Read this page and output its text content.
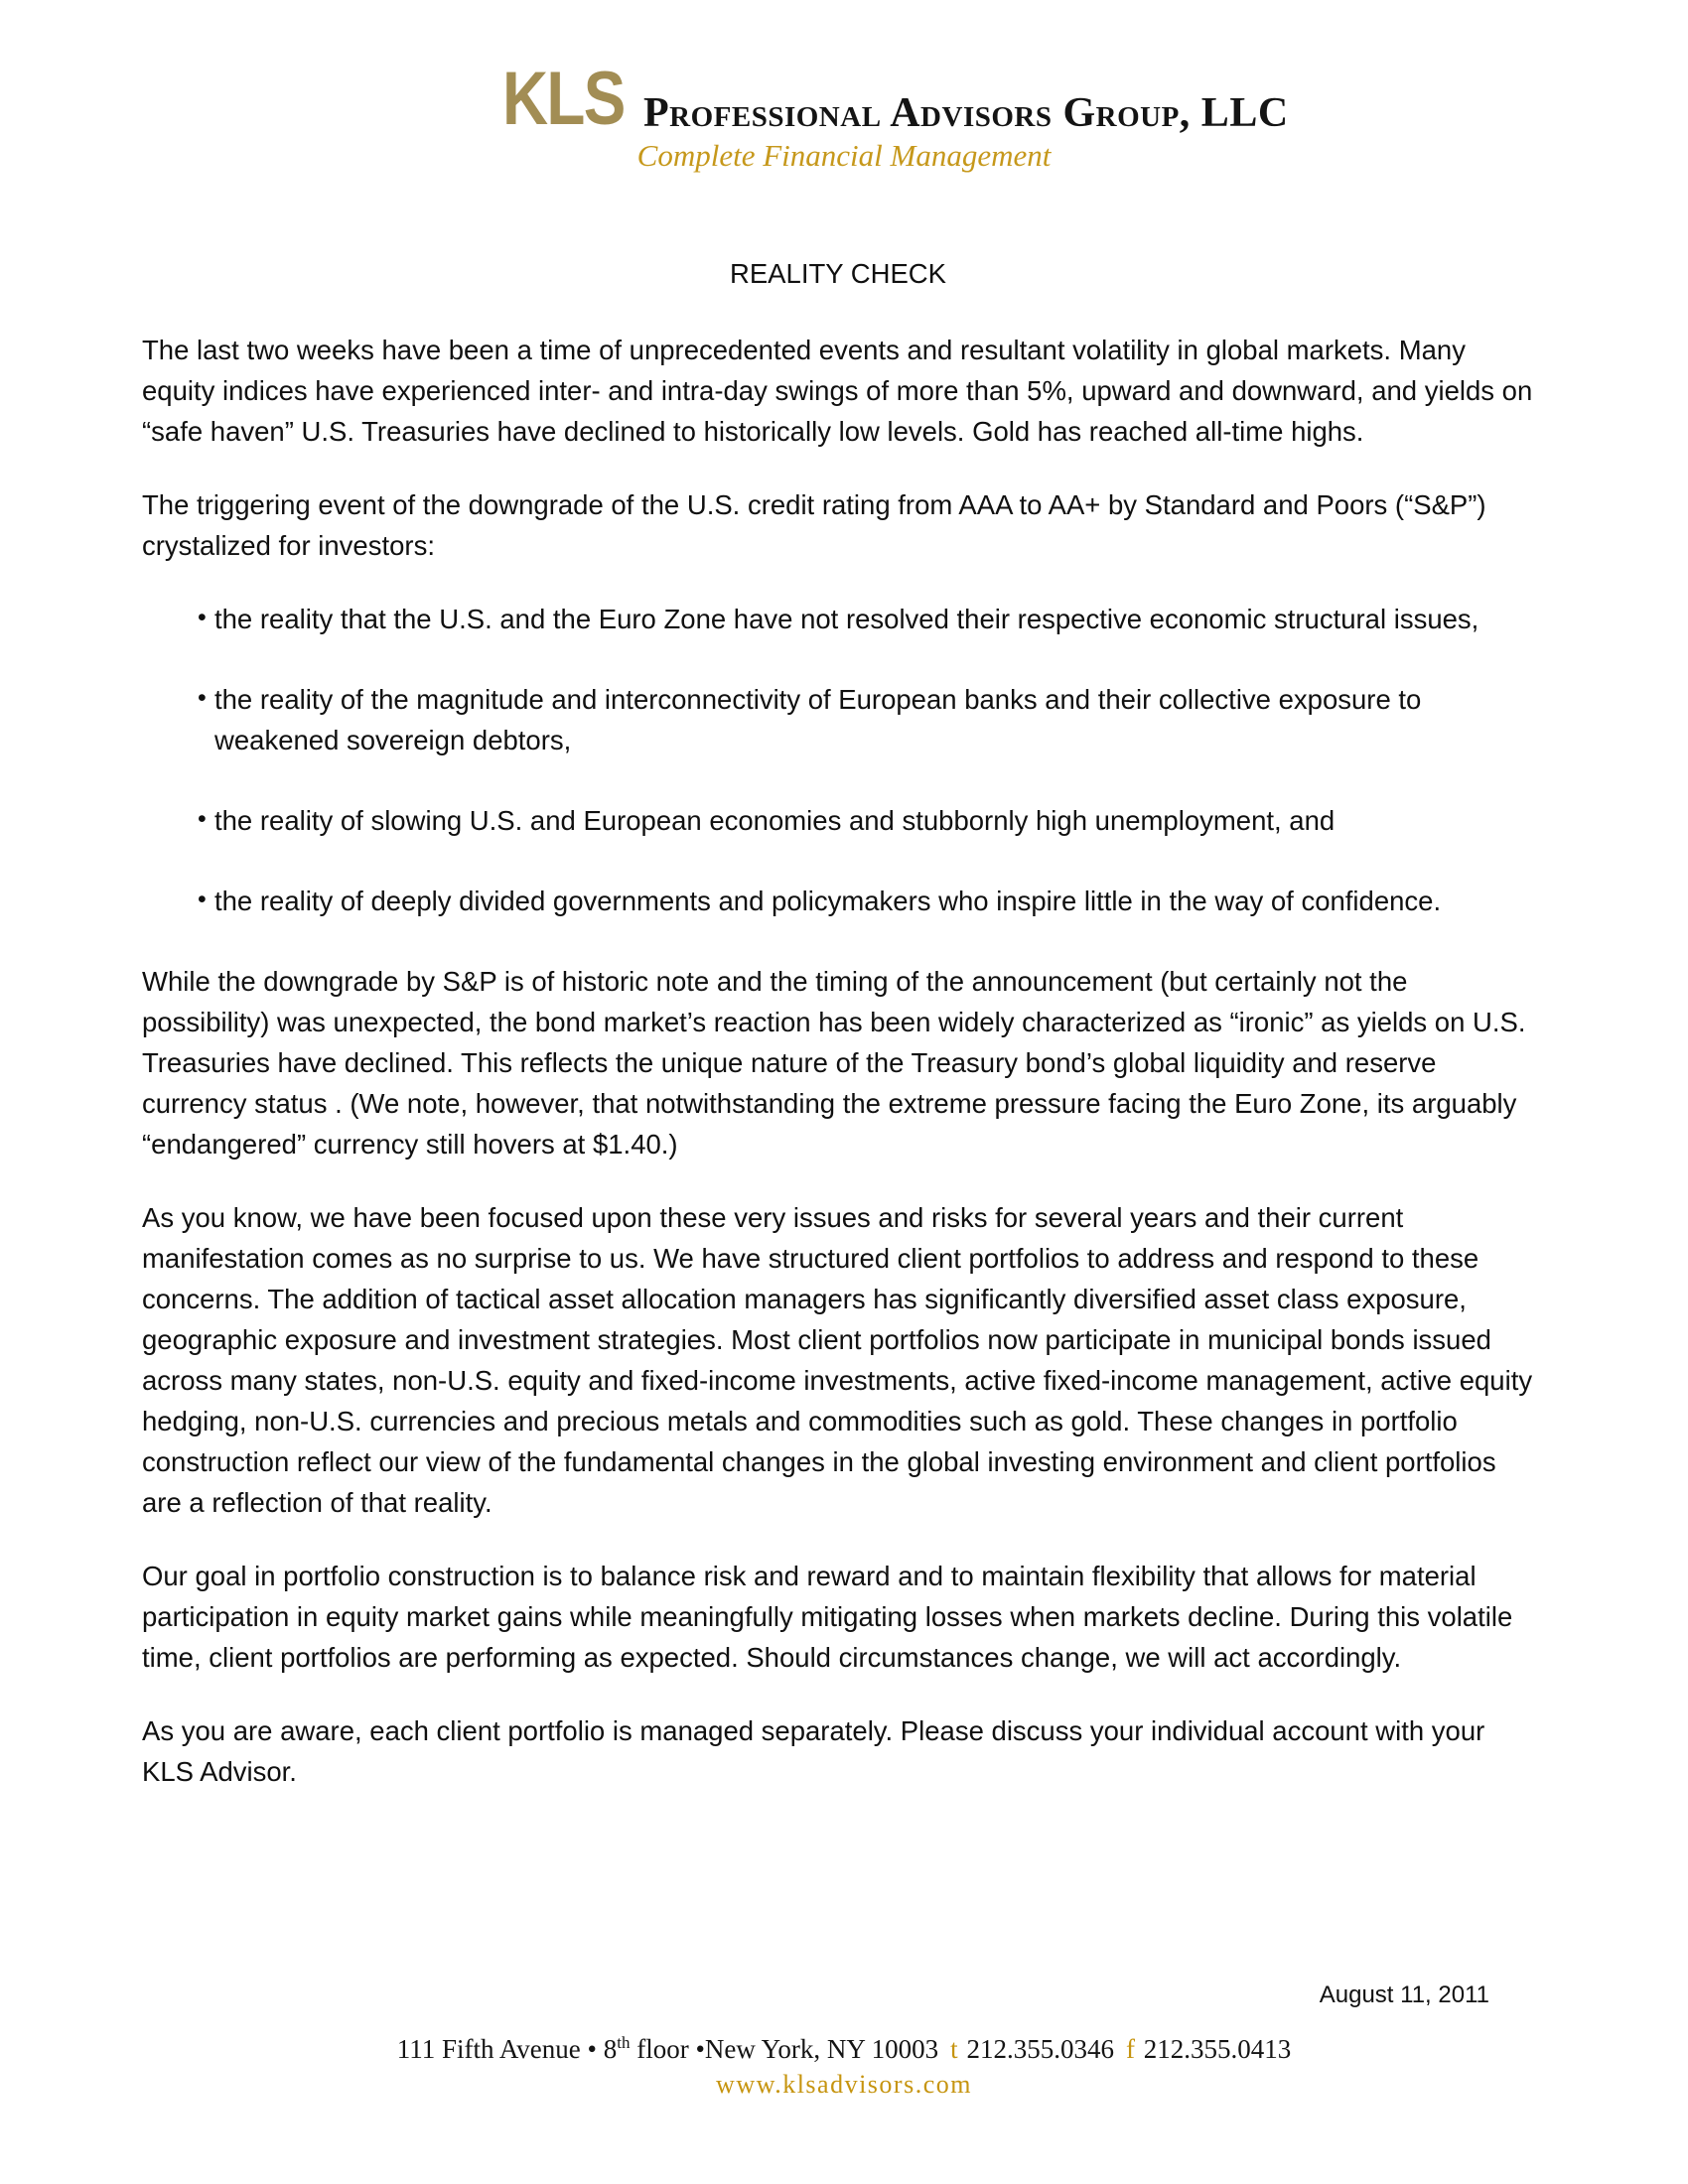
KLS Professional Advisors Group, LLC
Complete Financial Management
REALITY CHECK

The last two weeks have been a time of unprecedented events and resultant volatility in global markets. Many equity indices have experienced inter- and intra-day swings of more than 5%, upward and downward, and yields on “safe haven” U.S. Treasuries have declined to historically low levels. Gold has reached all-time highs.

The triggering event of the downgrade of the U.S. credit rating from AAA to AA+ by Standard and Poors (“S&P”) crystalized for investors:

• the reality that the U.S. and the Euro Zone have not resolved their respective economic structural issues,
• the reality of the magnitude and interconnectivity of European banks and their collective exposure to weakened sovereign debtors,
• the reality of slowing U.S. and European economies and stubbornly high unemployment, and
• the reality of deeply divided governments and policymakers who inspire little in the way of confidence.

While the downgrade by S&P is of historic note and the timing of the announcement (but certainly not the possibility) was unexpected, the bond market’s reaction has been widely characterized as “ironic” as yields on U.S. Treasuries have declined. This reflects the unique nature of the Treasury bond’s global liquidity and reserve currency status . (We note, however, that notwithstanding the extreme pressure facing the Euro Zone, its arguably “endangered” currency still hovers at $1.40.)

As you know, we have been focused upon these very issues and risks for several years and their current manifestation comes as no surprise to us. We have structured client portfolios to address and respond to these concerns. The addition of tactical asset allocation managers has significantly diversified asset class exposure, geographic exposure and investment strategies. Most client portfolios now participate in municipal bonds issued across many states, non-U.S. equity and fixed-income investments, active fixed-income management, active equity hedging, non-U.S. currencies and precious metals and commodities such as gold. These changes in portfolio construction reflect our view of the fundamental changes in the global investing environment and client portfolios are a reflection of that reality.

Our goal in portfolio construction is to balance risk and reward and to maintain flexibility that allows for material participation in equity market gains while meaningfully mitigating losses when markets decline. During this volatile time, client portfolios are performing as expected. Should circumstances change, we will act accordingly.

As you are aware, each client portfolio is managed separately. Please discuss your individual account with your KLS Advisor.

August 11, 2011
111 Fifth Avenue • 8th floor •New York, NY 10003 t 212.355.0346 f 212.355.0413
www.klsadvisors.com
